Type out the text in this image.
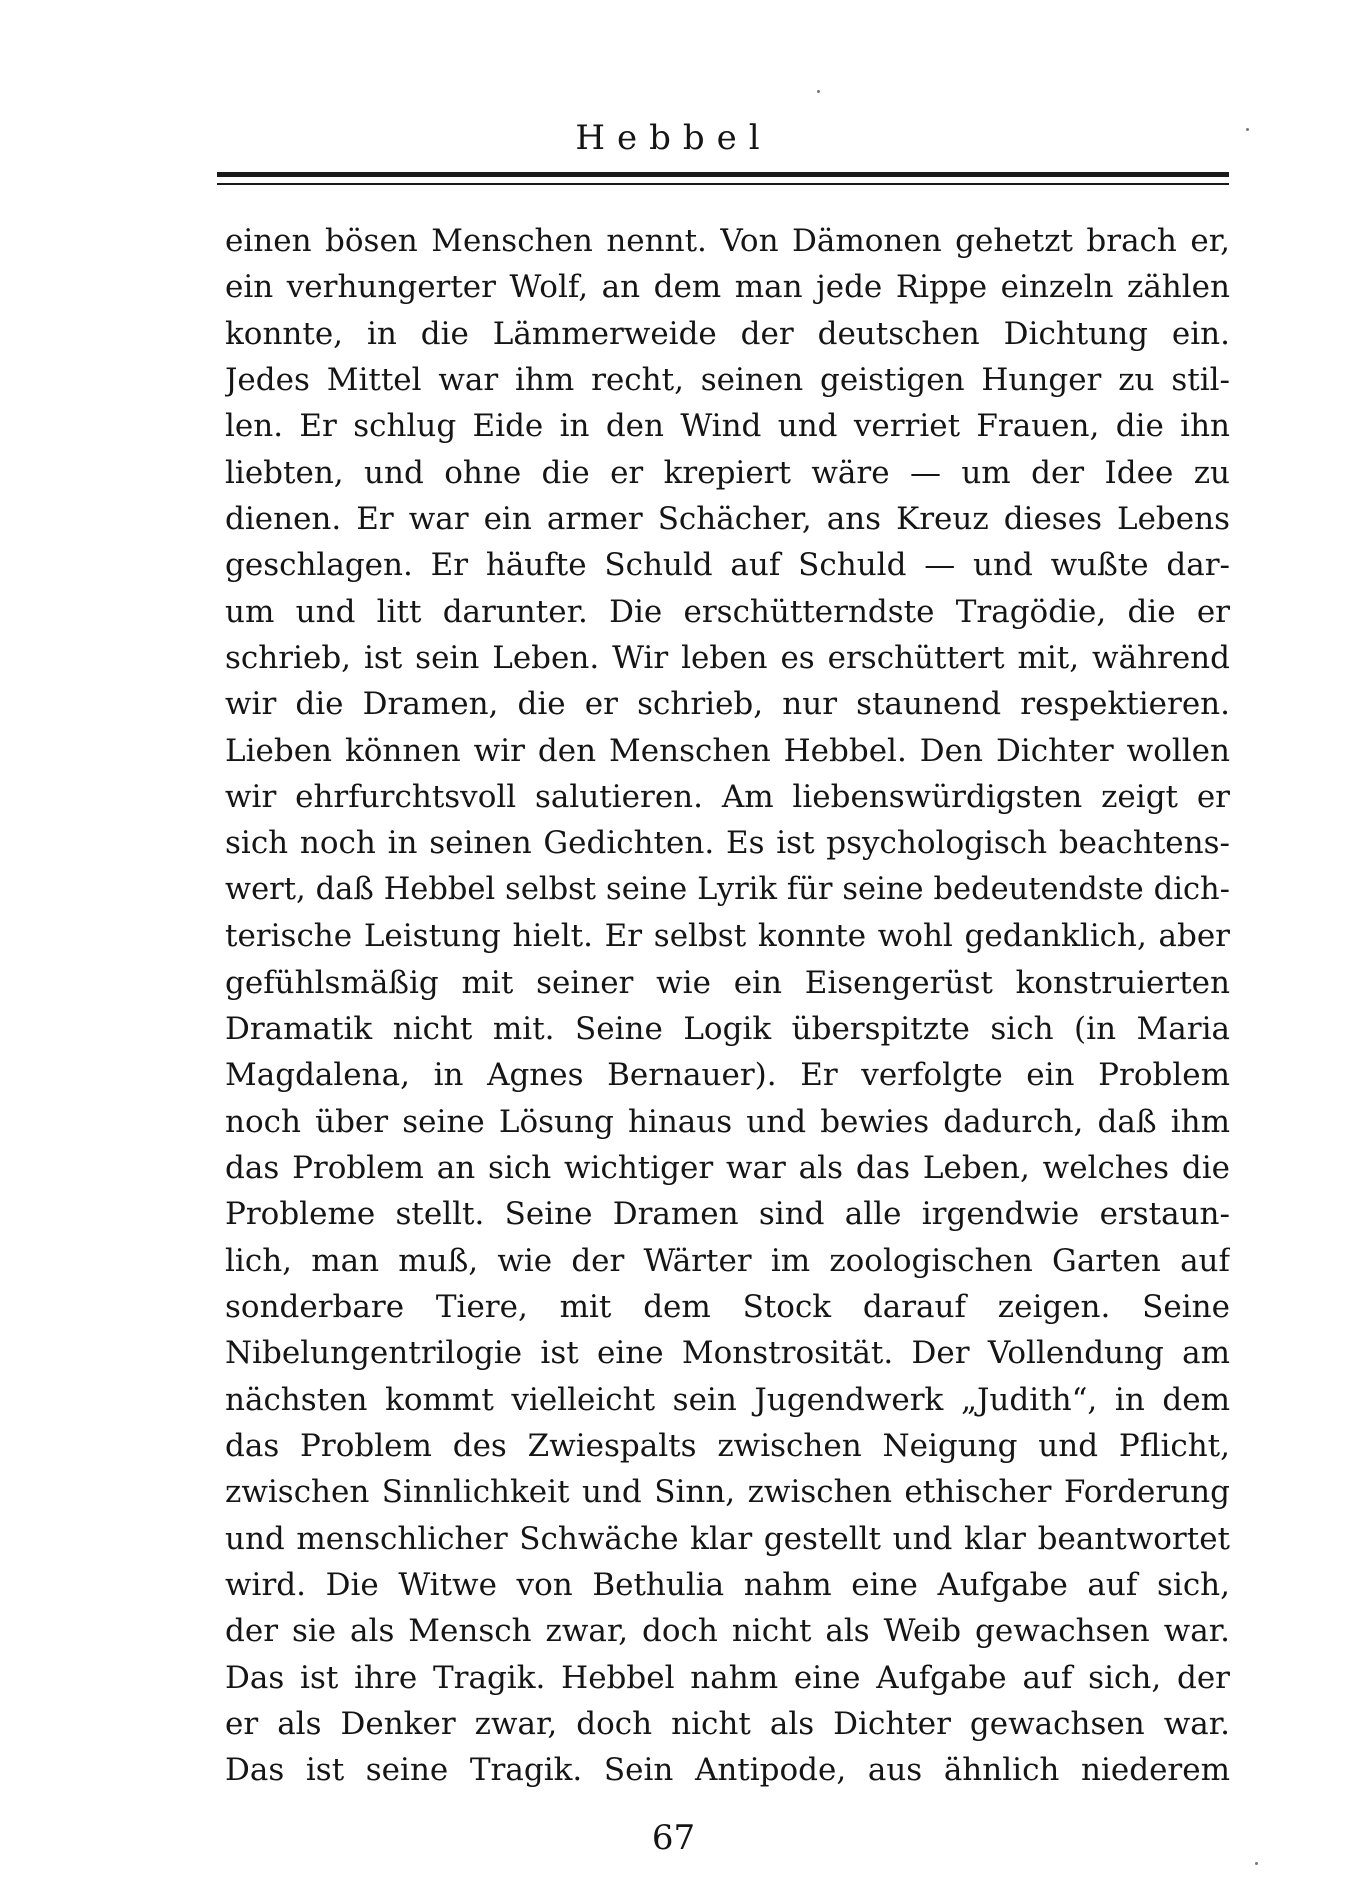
Hebbel
einen bösen Menschen nennt. Von Dämonen gehetzt brach er,
ein verhungerter Wolf, an dem man jede Rippe einzeln zählen
konnte, in die Lämmerweide der deutschen Dichtung ein.
Jedes Mittel war ihm recht, seinen geistigen Hunger zu stil-
len. Er schlug Eide in den Wind und verriet Frauen, die ihn
liebten, und ohne die er krepiert wäre — um der Idee zu
dienen. Er war ein armer Schächer, ans Kreuz dieses Lebens
geschlagen. Er häufte Schuld auf Schuld — und wußte dar-
um und litt darunter. Die erschütterndste Tragödie, die er
schrieb, ist sein Leben. Wir leben es erschüttert mit, während
wir die Dramen, die er schrieb, nur staunend respektieren.
Lieben können wir den Menschen Hebbel. Den Dichter wollen
wir ehrfurchtsvoll salutieren. Am liebenswürdigsten zeigt er
sich noch in seinen Gedichten. Es ist psychologisch beachtens-
wert, daß Hebbel selbst seine Lyrik für seine bedeutendste dich-
terische Leistung hielt. Er selbst konnte wohl gedanklich, aber
gefühlsmäßig mit seiner wie ein Eisengerüst konstruierten
Dramatik nicht mit. Seine Logik überspitzte sich (in Maria
Magdalena, in Agnes Bernauer). Er verfolgte ein Problem
noch über seine Lösung hinaus und bewies dadurch, daß ihm
das Problem an sich wichtiger war als das Leben, welches die
Probleme stellt. Seine Dramen sind alle irgendwie erstaun-
lich, man muß, wie der Wärter im zoologischen Garten auf
sonderbare Tiere, mit dem Stock darauf zeigen. Seine
Nibelungentrilogie ist eine Monstrosität. Der Vollendung am
nächsten kommt vielleicht sein Jugendwerk „Judith“, in dem
das Problem des Zwiespalts zwischen Neigung und Pflicht,
zwischen Sinnlichkeit und Sinn, zwischen ethischer Forderung
und menschlicher Schwäche klar gestellt und klar beantwortet
wird. Die Witwe von Bethulia nahm eine Aufgabe auf sich,
der sie als Mensch zwar, doch nicht als Weib gewachsen war.
Das ist ihre Tragik. Hebbel nahm eine Aufgabe auf sich, der
er als Denker zwar, doch nicht als Dichter gewachsen war.
Das ist seine Tragik. Sein Antipode, aus ähnlich niederem
67
